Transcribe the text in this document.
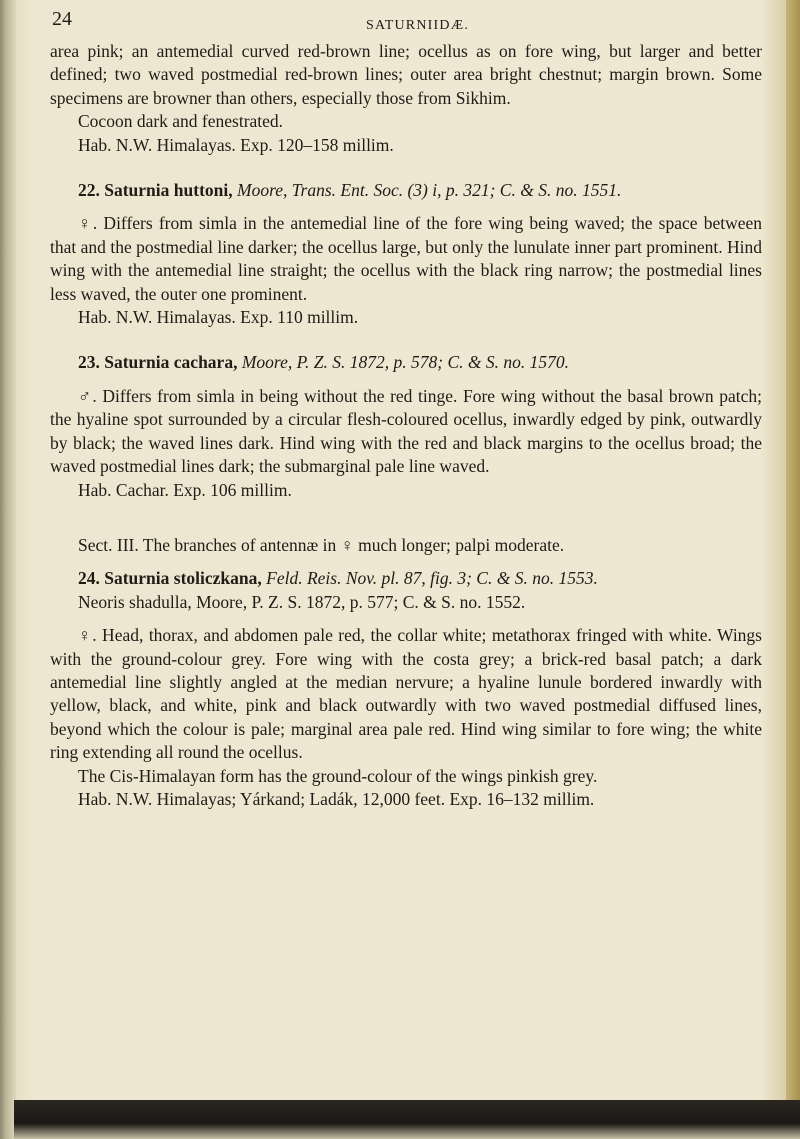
24	SATURNIIDÆ.

area pink; an antemedial curved red-brown line; ocellus as on fore wing, but larger and better defined; two waved postmedial red-brown lines; outer area bright chestnut; margin brown. Some specimens are browner than others, especially those from Sikhim.

Cocoon dark and fenestrated.

Hab. N.W. Himalayas. Exp. 120–158 millim.

22. Saturnia huttoni, Moore, Trans. Ent. Soc. (3) i, p. 321; C. & S. no. 1551.

♀. Differs from simla in the antemedial line of the fore wing being waved; the space between that and the postmedial line darker; the ocellus large, but only the lunulate inner part prominent. Hind wing with the antemedial line straight; the ocellus with the black ring narrow; the postmedial lines less waved, the outer one prominent.

Hab. N.W. Himalayas. Exp. 110 millim.

23. Saturnia cachara, Moore, P. Z. S. 1872, p. 578; C. & S. no. 1570.

♂. Differs from simla in being without the red tinge. Fore wing without the basal brown patch; the hyaline spot surrounded by a circular flesh-coloured ocellus, inwardly edged by pink, outwardly by black; the waved lines dark. Hind wing with the red and black margins to the ocellus broad; the waved postmedial lines dark; the submarginal pale line waved.

Hab. Cachar. Exp. 106 millim.

Sect. III. The branches of antennæ in ♀ much longer; palpi moderate.

24. Saturnia stoliczkana, Feld. Reis. Nov. pl. 87, fig. 3; C. & S. no. 1553.

Neoris shadulla, Moore, P. Z. S. 1872, p. 577; C. & S. no. 1552.

♀. Head, thorax, and abdomen pale red, the collar white; metathorax fringed with white. Wings with the ground-colour grey. Fore wing with the costa grey; a brick-red basal patch; a dark antemedial line slightly angled at the median nervure; a hyaline lunule bordered inwardly with yellow, black, and white, pink and black outwardly with two waved postmedial diffused lines, beyond which the colour is pale; marginal area pale red. Hind wing similar to fore wing; the white ring extending all round the ocellus.

The Cis-Himalayan form has the ground-colour of the wings pinkish grey.

Hab. N.W. Himalayas; Yárkand; Ladák, 12,000 feet. Exp. 16–132 millim.
